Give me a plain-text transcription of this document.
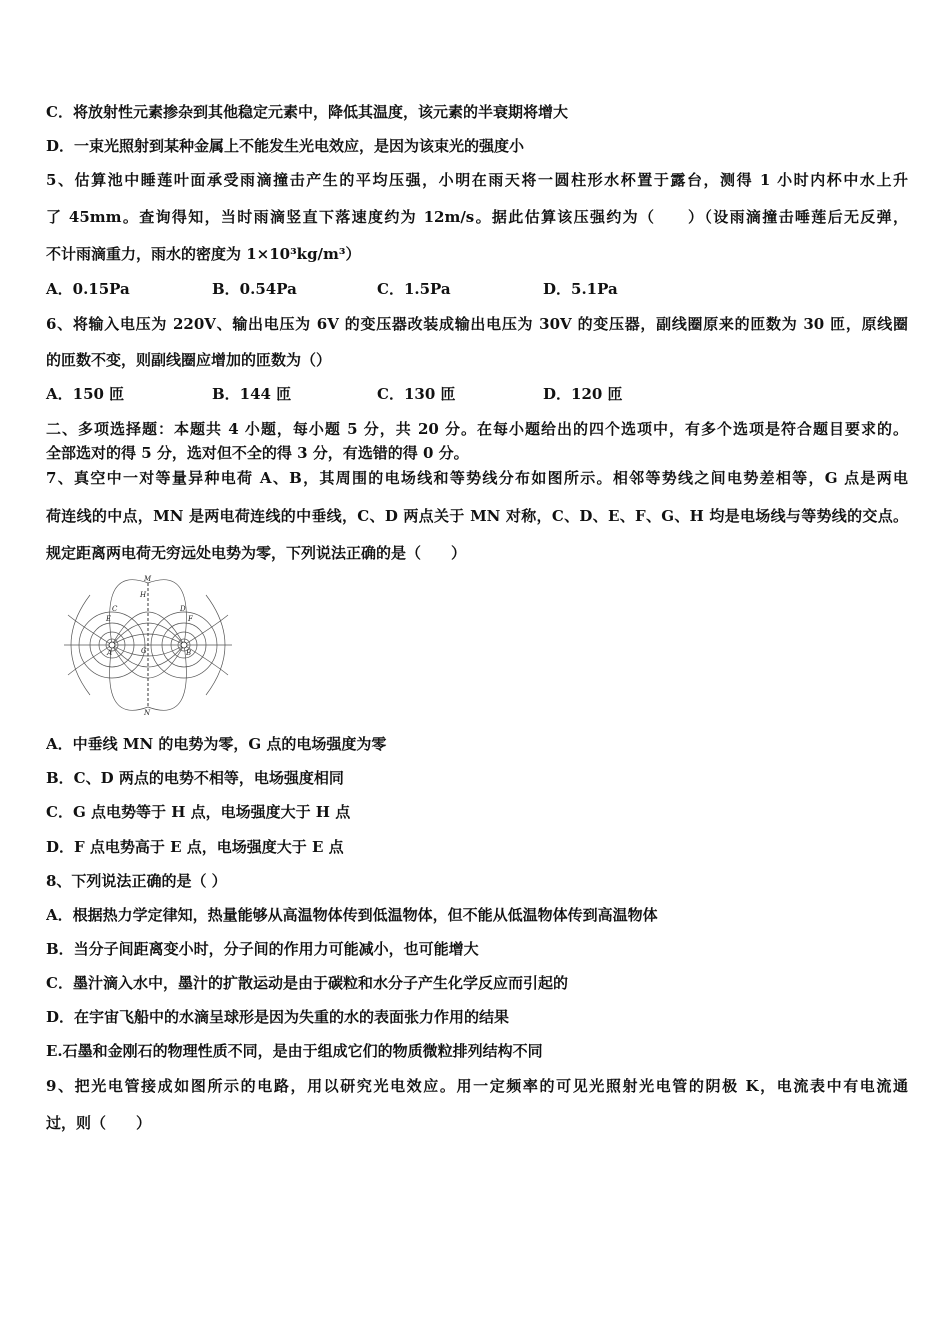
C．将放射性元素掺杂到其他稳定元素中，降低其温度，该元素的半衰期将增大
D．一束光照射到某种金属上不能发生光电效应，是因为该束光的强度小
5、估算池中睡莲叶面承受雨滴撞击产生的平均压强，小明在雨天将一圆柱形水杯置于露台，测得 1 小时内杯中水上升
了 45mm。查询得知，当时雨滴竖直下落速度约为 12m/s。据此估算该压强约为（　　）（设雨滴撞击唾莲后无反弹，
不计雨滴重力，雨水的密度为 1×10³kg/m³）
A．0.15Pa	B．0.54Pa	C．1.5Pa	D．5.1Pa
6、将输入电压为 220V、输出电压为 6V 的变压器改装成输出电压为 30V 的变压器，副线圈原来的匝数为 30 匝，原线圈
的匝数不变，则副线圈应增加的匝数为（）
A．150 匝	B．144 匝	C．130 匝	D．120 匝
二、多项选择题：本题共 4 小题，每小题 5 分，共 20 分。在每小题给出的四个选项中，有多个选项是符合题目要求的。
全部选对的得 5 分，选对但不全的得 3 分，有选错的得 0 分。
7、真空中一对等量异种电荷 A、B，其周围的电场线和等势线分布如图所示。相邻等势线之间电势差相等，G 点是两电
荷连线的中点，MN 是两电荷连线的中垂线，C、D 两点关于 MN 对称，C、D、E、F、G、H 均是电场线与等势线的交点。
规定距离两电荷无穷远处电势为零，下列说法正确的是（　　）
M
H
C	D
E	F
A	B
G
N
A．中垂线 MN 的电势为零，G 点的电场强度为零
B．C、D 两点的电势不相等，电场强度相同
C．G 点电势等于 H 点，电场强度大于 H 点
D．F 点电势高于 E 点，电场强度大于 E 点
8、下列说法正确的是（ ）
A．根据热力学定律知，热量能够从高温物体传到低温物体，但不能从低温物体传到高温物体
B．当分子间距离变小时，分子间的作用力可能减小，也可能增大
C．墨汁滴入水中，墨汁的扩散运动是由于碳粒和水分子产生化学反应而引起的
D．在宇宙飞船中的水滴呈球形是因为失重的水的表面张力作用的结果
E.石墨和金刚石的物理性质不同，是由于组成它们的物质微粒排列结构不同
9、把光电管接成如图所示的电路，用以研究光电效应。用一定频率的可见光照射光电管的阴极 K，电流表中有电流通
过，则（　　）
